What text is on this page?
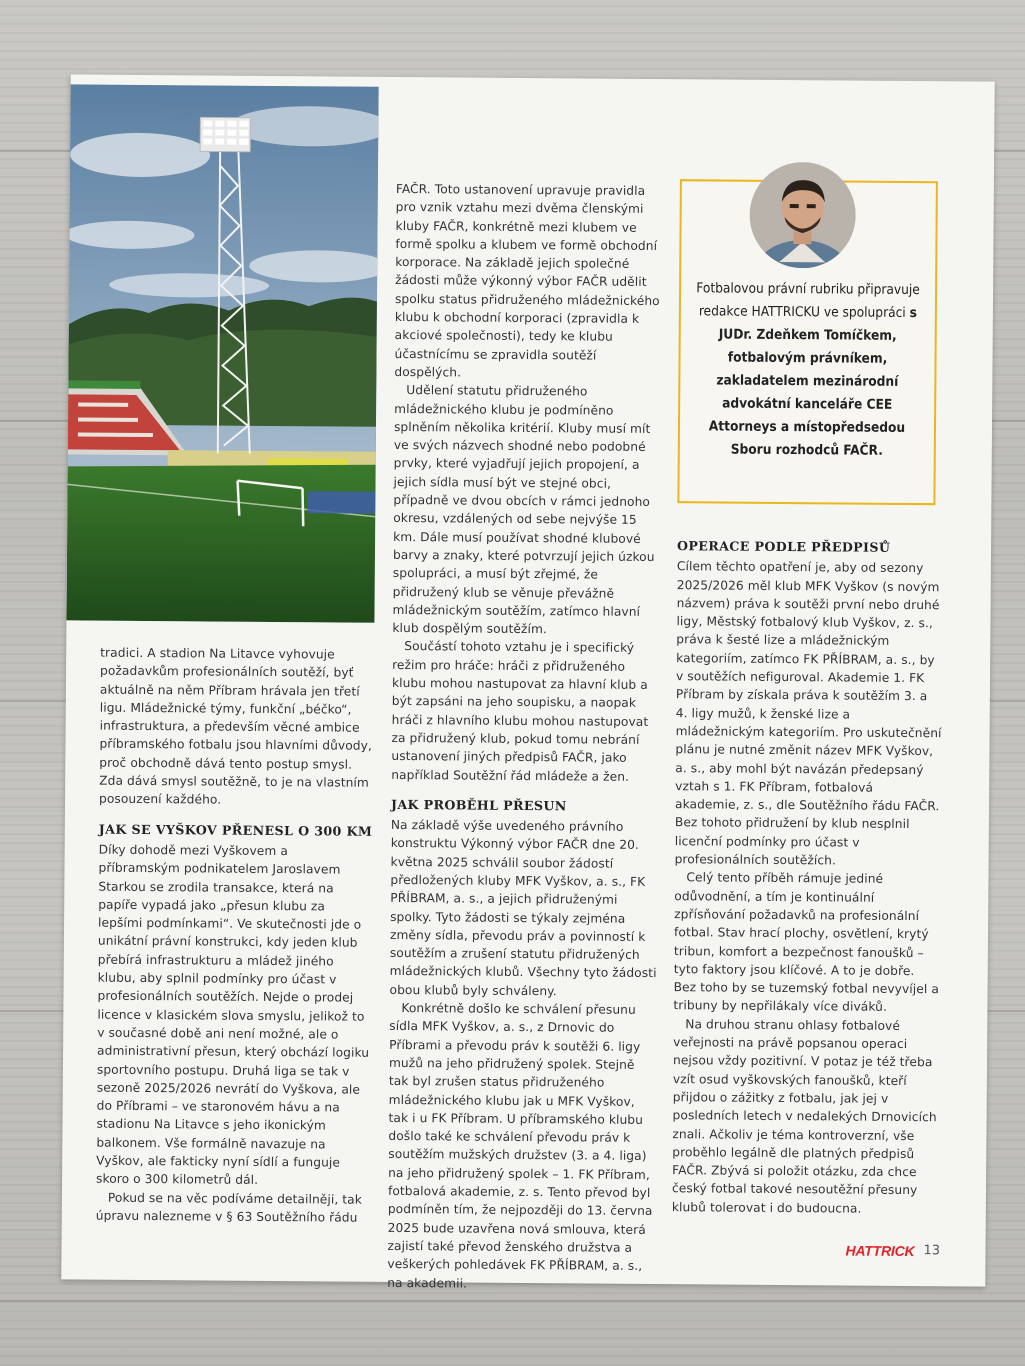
tradici. A stadion Na Litavce vyhovuje požadavkům profesionálních soutěží, byť aktuálně na něm Příbram hrávala jen třetí ligu. Mládežnické týmy, funkční „béčko“, infrastruktura, a především věcné ambice příbramského fotbalu jsou hlavními důvody, proč obchodně dává tento postup smysl. Zda dává smysl soutěžně, to je na vlastním posouzení každého.

JAK SE VYŠKOV PŘENESL O 300 KM

Díky dohodě mezi Vyškovem a příbramským podnikatelem Jaroslavem Starkou se zrodila transakce, která na papíře vypadá jako „přesun klubu za lepšími podmínkami“. Ve skutečnosti jde o unikátní právní konstrukci, kdy jeden klub přebírá infrastrukturu a mládež jiného klubu, aby splnil podmínky pro účast v profesionálních soutěžích. Nejde o prodej licence v klasickém slova smyslu, jelikož to v současné době ani není možné, ale o administrativní přesun, který obchází logiku sportovního postupu. Druhá liga se tak v sezoně 2025/2026 nevrátí do Vyškova, ale do Příbrami – ve staronovém hávu a na stadionu Na Litavce s jeho ikonickým balkonem. Vše formálně navazuje na Vyškov, ale fakticky nyní sídlí a funguje skoro o 300 kilometrů dál.

Pokud se na věc podíváme detailněji, tak úpravu nalezneme v § 63 Soutěžního řádu

FAČR. Toto ustanovení upravuje pravidla pro vznik vztahu mezi dvěma členskými kluby FAČR, konkrétně mezi klubem ve formě spolku a klubem ve formě obchodní korporace. Na základě jejich společné žádosti může výkonný výbor FAČR udělit spolku status přidruženého mládežnického klubu k obchodní korporaci (zpravidla k akciové společnosti), tedy ke klubu účastnícímu se zpravidla soutěží dospělých.

Udělení statutu přidruženého mládežnického klubu je podmíněno splněním několika kritérií. Kluby musí mít ve svých názvech shodné nebo podobné prvky, které vyjadřují jejich propojení, a jejich sídla musí být ve stejné obci, případně ve dvou obcích v rámci jednoho okresu, vzdálených od sebe nejvýše 15 km. Dále musí používat shodné klubové barvy a znaky, které potvrzují jejich úzkou spolupráci, a musí být zřejmé, že přidružený klub se věnuje převážně mládežnickým soutěžím, zatímco hlavní klub dospělým soutěžím.

Součástí tohoto vztahu je i specifický režim pro hráče: hráči z přidruženého klubu mohou nastupovat za hlavní klub a být zapsáni na jeho soupisku, a naopak hráči z hlavního klubu mohou nastupovat za přidružený klub, pokud tomu nebrání ustanovení jiných předpisů FAČR, jako například Soutěžní řád mládeže a žen.

JAK PROBĚHL PŘESUN

Na základě výše uvedeného právního konstruktu Výkonný výbor FAČR dne 20. května 2025 schválil soubor žádostí předložených kluby MFK Vyškov, a. s., FK PŘÍBRAM, a. s., a jejich přidruženými spolky. Tyto žádosti se týkaly zejména změny sídla, převodu práv a povinností k soutěžím a zrušení statutu přidružených mládežnických klubů. Všechny tyto žádosti obou klubů byly schváleny.

Konkrétně došlo ke schválení přesunu sídla MFK Vyškov, a. s., z Drnovic do Příbrami a převodu práv k soutěži 6. ligy mužů na jeho přidružený spolek. Stejně tak byl zrušen status přidruženého mládežnického klubu jak u MFK Vyškov, tak i u FK Příbram. U příbramského klubu došlo také ke schválení převodu práv k soutěžím mužských družstev (3. a 4. liga) na jeho přidružený spolek – 1. FK Příbram, fotbalová akademie, z. s. Tento převod byl podmíněn tím, že nejpozději do 13. června 2025 bude uzavřena nová smlouva, která zajistí také převod ženského družstva a veškerých pohledávek FK PŘÍBRAM, a. s., na akademii.

Fotbalovou právní rubriku připravuje redakce HATTRICKU ve spolupráci s JUDr. Zdeňkem Tomíčkem, fotbalovým právníkem, zakladatelem mezinárodní advokátní kanceláře CEE Attorneys a místopředsedou Sboru rozhodců FAČR.
OPERACE PODLE PŘEDPISŮ

Cílem těchto opatření je, aby od sezony 2025/2026 měl klub MFK Vyškov (s novým názvem) práva k soutěži první nebo druhé ligy, Městský fotbalový klub Vyškov, z. s., práva k šesté lize a mládežnickým kategoriím, zatímco FK PŘÍBRAM, a. s., by v soutěžích nefiguroval. Akademie 1. FK Příbram by získala práva k soutěžím 3. a 4. ligy mužů, k ženské lize a mládežnickým kategoriím. Pro uskutečnění plánu je nutné změnit název MFK Vyškov, a. s., aby mohl být navázán předepsaný vztah s 1. FK Příbram, fotbalová akademie, z. s., dle Soutěžního řádu FAČR. Bez tohoto přidružení by klub nesplnil licenční podmínky pro účast v profesionálních soutěžích.

Celý tento příběh rámuje jediné odůvodnění, a tím je kontinuální zpřísňování požadavků na profesionální fotbal. Stav hrací plochy, osvětlení, krytý tribun, komfort a bezpečnost fanoušků – tyto faktory jsou klíčové. A to je dobře. Bez toho by se tuzemský fotbal nevyvíjel a tribuny by nepřilákaly více diváků.

Na druhou stranu ohlasy fotbalové veřejnosti na právě popsanou operaci nejsou vždy pozitivní. V potaz je též třeba vzít osud vyškovských fanoušků, kteří přijdou o zážitky z fotbalu, jak jej v posledních letech v nedalekých Drnovicích znali. Ačkoliv je téma kontroverzní, vše proběhlo legálně dle platných předpisů FAČR. Zbývá si položit otázku, zda chce český fotbal takové nesoutěžní přesuny klubů tolerovat i do budoucna.

HATTRICK 13
